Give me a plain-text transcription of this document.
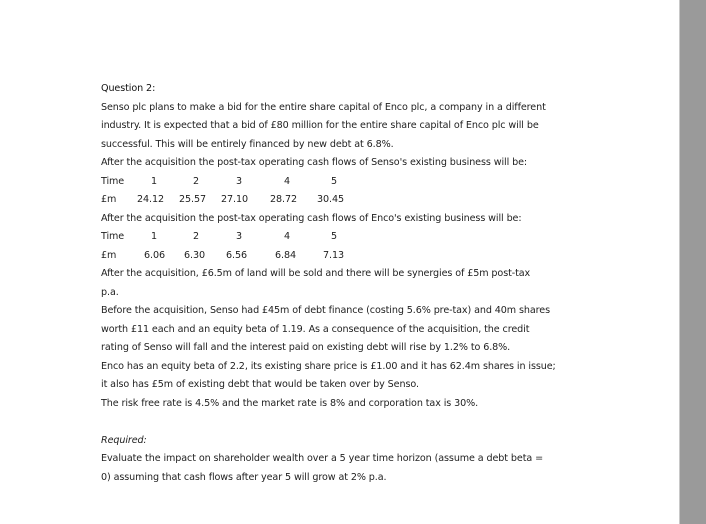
Question 2:
Senso plc plans to make a bid for the entire share capital of Enco plc, a company in a different
industry. It is expected that a bid of £80 million for the entire share capital of Enco plc will be
successful. This will be entirely financed by new debt at 6.8%.
After the acquisition the post-tax operating cash flows of Senso's existing business will be:
Time	1	2	3	4	5
£m 24.12 25.57 27.10 28.72 30.45
After the acquisition the post-tax operating cash flows of Enco's existing business will be:
Time	1	2	3	4	5
£m	6.06 6.30 6.56	6.84	7.13
After the acquisition, £6.5m of land will be sold and there will be synergies of £5m post-tax
p.a.
Before the acquisition, Senso had £45m of debt finance (costing 5.6% pre-tax) and 40m shares
worth £11 each and an equity beta of 1.19. As a consequence of the acquisition, the credit
rating of Senso will fall and the interest paid on existing debt will rise by 1.2% to 6.8%.
Enco has an equity beta of 2.2, its existing share price is £1.00 and it has 62.4m shares in issue;
it also has £5m of existing debt that would be taken over by Senso.
The risk free rate is 4.5% and the market rate is 8% and corporation tax is 30%.
Required:
Evaluate the impact on shareholder wealth over a 5 year time horizon (assume a debt beta =
0) assuming that cash flows after year 5 will grow at 2% p.a.
